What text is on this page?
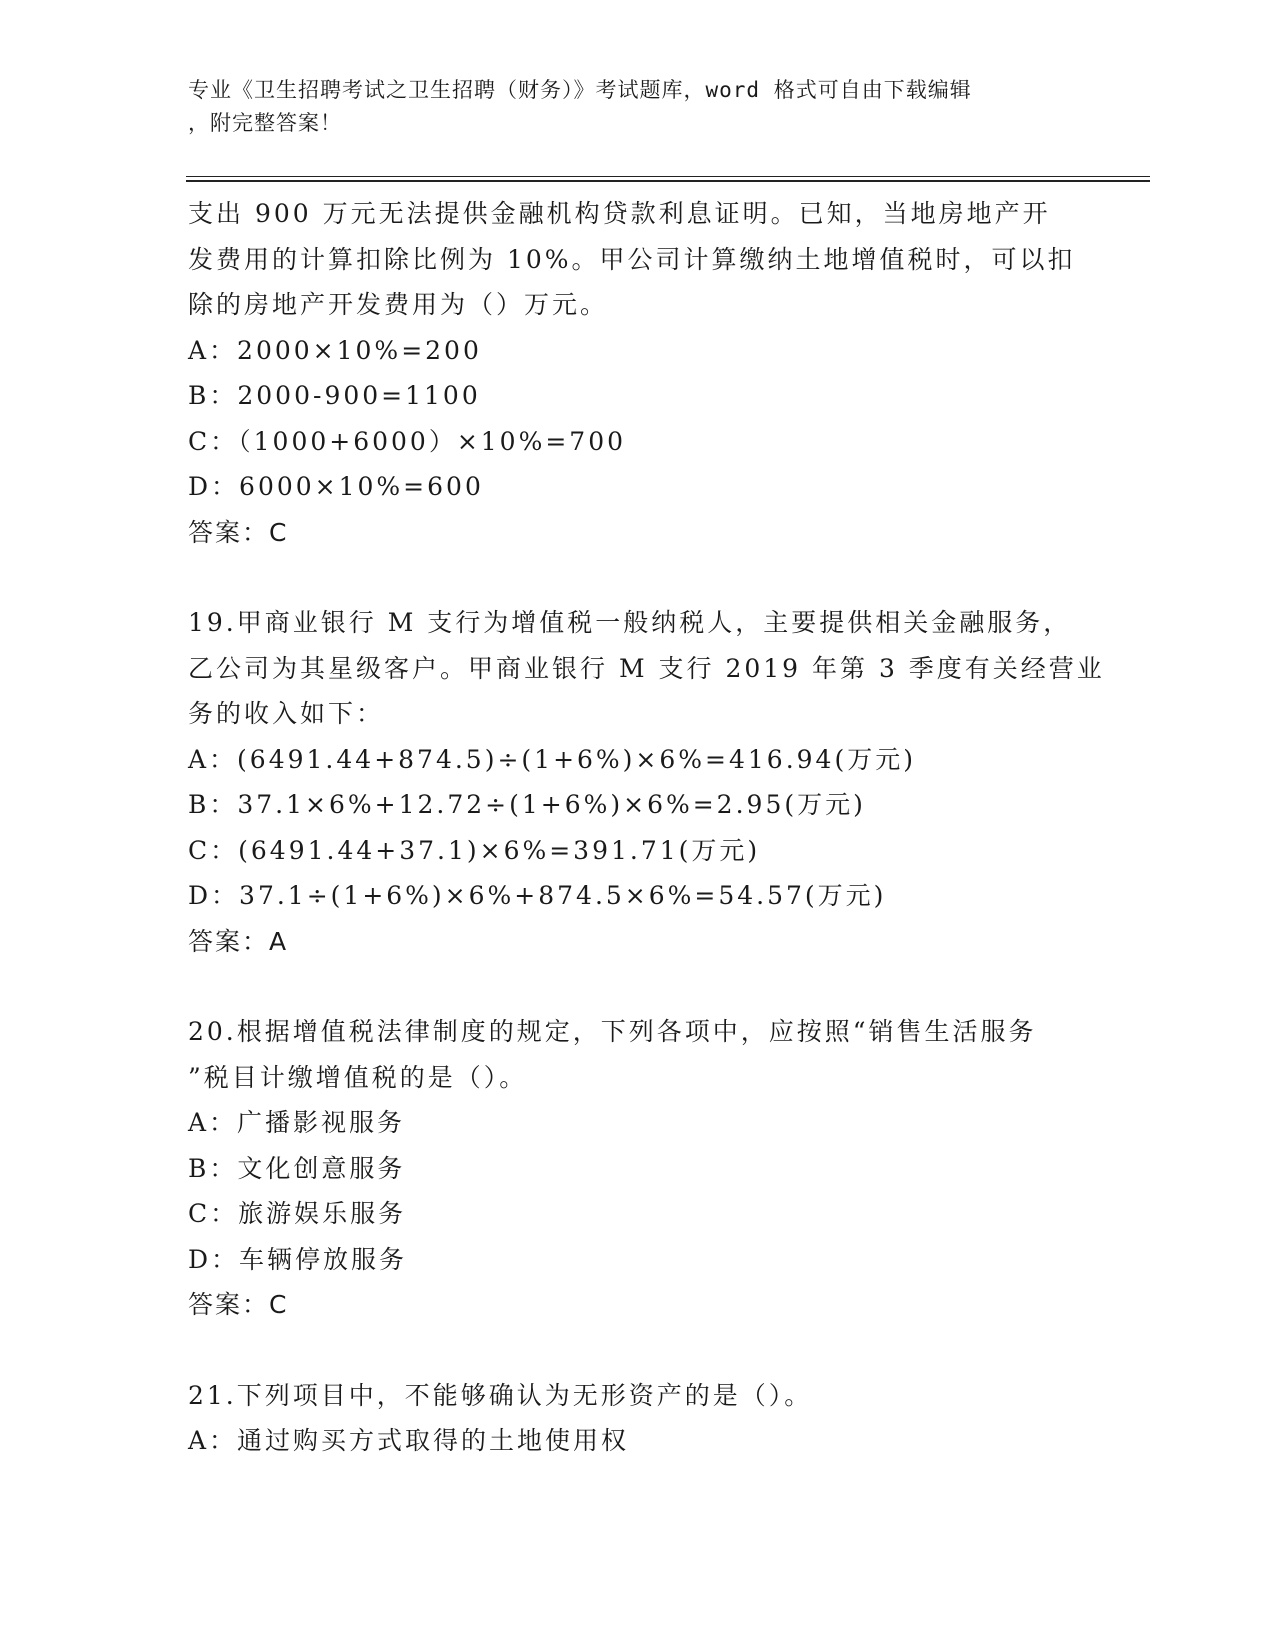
专业《卫生招聘考试之卫生招聘（财务）》考试题库，word 格式可自由下载编辑
，附完整答案！
支出 900 万元无法提供金融机构贷款利息证明。已知，当地房地产开
发费用的计算扣除比例为 10%。甲公司计算缴纳土地增值税时，可以扣
除的房地产开发费用为（）万元。
A：2000×10%=200
B：2000-900=1100
C：（1000+6000）×10%=700
D：6000×10%=600
答案：C
19.甲商业银行 M 支行为增值税一般纳税人，主要提供相关金融服务，
乙公司为其星级客户。甲商业银行 M 支行 2019 年第 3 季度有关经营业
务的收入如下：
A：(6491.44+874.5)÷(1+6%)×6%=416.94(万元)
B：37.1×6%+12.72÷(1+6%)×6%=2.95(万元)
C：(6491.44+37.1)×6%=391.71(万元)
D：37.1÷(1+6%)×6%+874.5×6%=54.57(万元)
答案：A
20.根据增值税法律制度的规定，下列各项中，应按照“销售生活服务
”税目计缴增值税的是（）。
A：广播影视服务
B：文化创意服务
C：旅游娱乐服务
D：车辆停放服务
答案：C
21.下列项目中，不能够确认为无形资产的是（）。
A：通过购买方式取得的土地使用权
